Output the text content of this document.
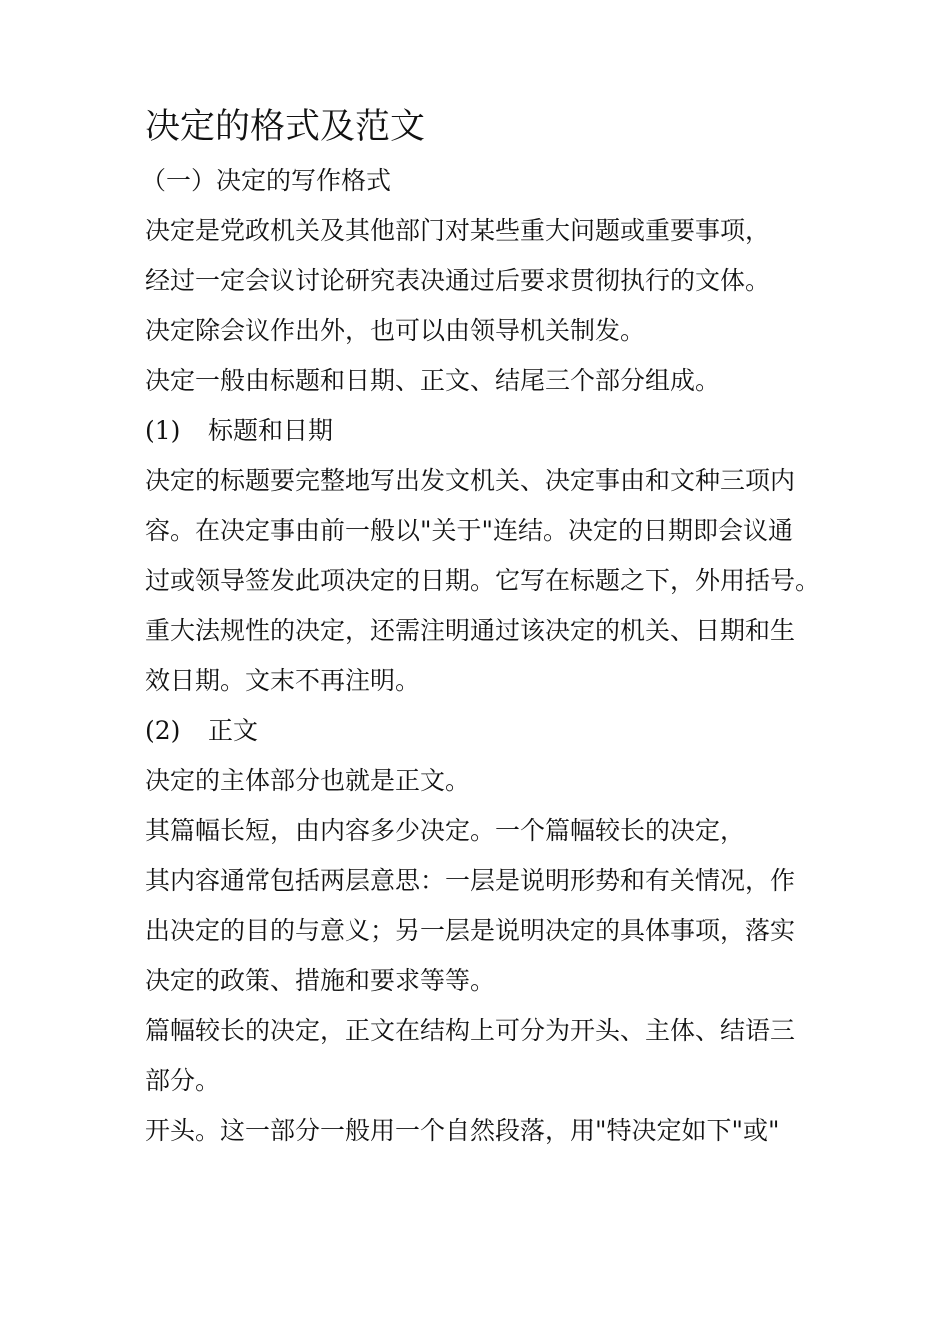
决定的格式及范文

（一）决定的写作格式

决定是党政机关及其他部门对某些重大问题或重要事项，

经过一定会议讨论研究表决通过后要求贯彻执行的文体。

决定除会议作出外，也可以由领导机关制发。

决定一般由标题和日期、正文、结尾三个部分组成。

(1) 标题和日期

决定的标题要完整地写出发文机关、决定事由和文种三项内

容。在决定事由前一般以"关于"连结。决定的日期即会议通

过或领导签发此项决定的日期。它写在标题之下，外用括号。

重大法规性的决定，还需注明通过该决定的机关、日期和生

效日期。文末不再注明。

(2) 正文

决定的主体部分也就是正文。

其篇幅长短，由内容多少决定。一个篇幅较长的决定，

其内容通常包括两层意思：一层是说明形势和有关情况，作

出决定的目的与意义；另一层是说明决定的具体事项，落实

决定的政策、措施和要求等等。

篇幅较长的决定，正文在结构上可分为开头、主体、结语三

部分。

开头。这一部分一般用一个自然段落，用"特决定如下"或"
